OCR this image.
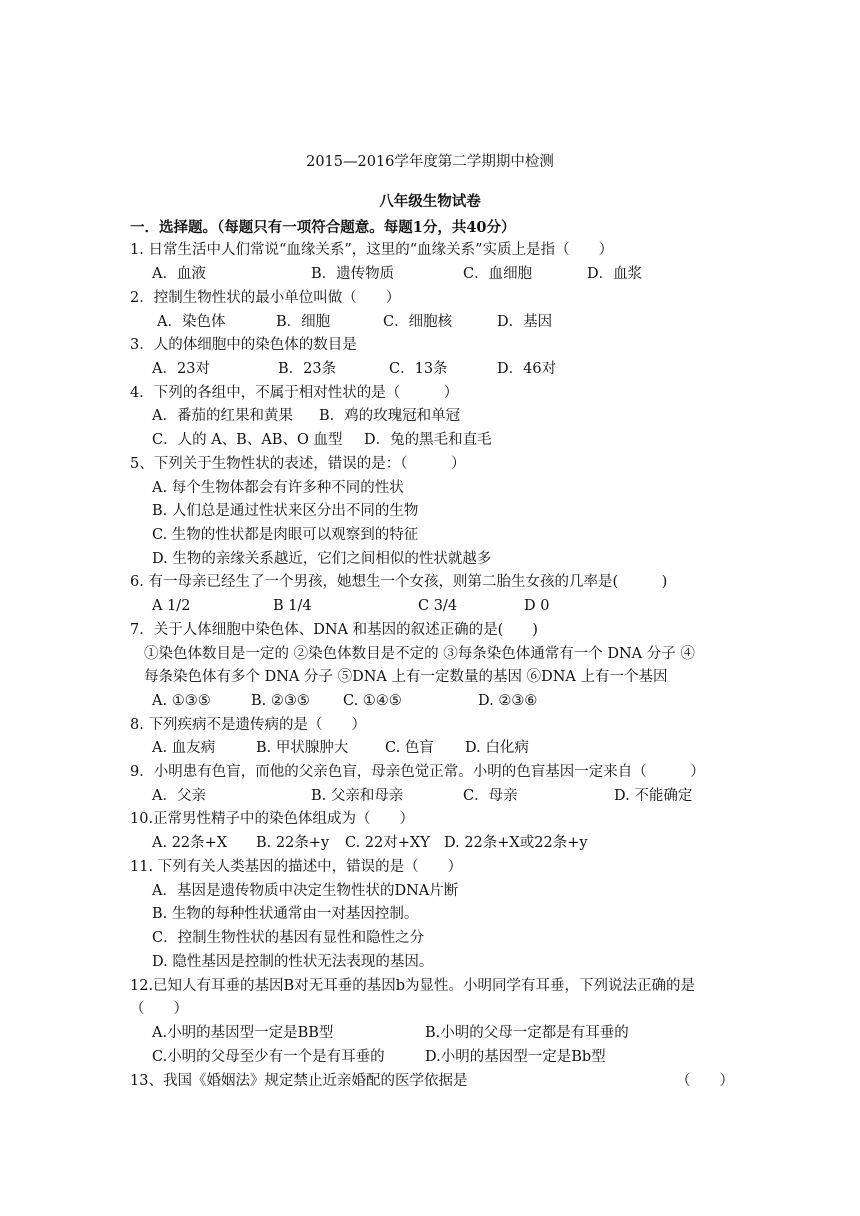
2015—2016学年度第二学期期中检测
八年级生物试卷
一．选择题。（每题只有一项符合题意。每题1分，共40分）
1. 日常生活中人们常说“血缘关系”，这里的“血缘关系”实质上是指（　　）
A．血液	B．遗传物质	C．血细胞	D．血浆
2．控制生物性状的最小单位叫做（　　）
A．染色体	B．细胞	C．细胞核	D．基因
3．人的体细胞中的染色体的数目是
A．23对	B．23条	C．13条	D．46对
4．下列的各组中，不属于相对性状的是（　　　）
A．番茄的红果和黄果 B．鸡的玫瑰冠和单冠
C．人的 A、B、AB、O 血型 D．兔的黑毛和直毛
5、下列关于生物性状的表述，错误的是：（　　　）
A. 每个生物体都会有许多种不同的性状
B. 人们总是通过性状来区分出不同的生物
C. 生物的性状都是肉眼可以观察到的特征
D. 生物的亲缘关系越近，它们之间相似的性状就越多
6. 有一母亲已经生了一个男孩，她想生一个女孩，则第二胎生女孩的几率是(　　　)
A 1/2	B 1/4	C 3/4	D 0
7．关于人体细胞中染色体、DNA 和基因的叙述正确的是(　　)
①染色体数目是一定的 ②染色体数目是不定的 ③每条染色体通常有一个 DNA 分子 ④
每条染色体有多个 DNA 分子 ⑤DNA 上有一定数量的基因 ⑥DNA 上有一个基因
A. ①③⑤	B. ②③⑤ C. ①④⑤	D. ②③⑥
8. 下列疾病不是遗传病的是（　　）
A. 血友病	B. 甲状腺肿大	C. 色盲 D. 白化病
9．小明患有色盲，而他的父亲色盲，母亲色觉正常。小明的色盲基因一定来自（　　　）
A．父亲	B. 父亲和母亲	C．母亲	D. 不能确定
10.正常男性精子中的染色体组成为（　　）
A. 22条+X B. 22条+y C. 22对+XY D. 22条+X或22条+y
11. 下列有关人类基因的描述中，错误的是（　　）
A．基因是遗传物质中决定生物性状的DNA片断
B. 生物的每种性状通常由一对基因控制。
C．控制生物性状的基因有显性和隐性之分
D. 隐性基因是控制的性状无法表现的基因。
12.已知人有耳垂的基因B对无耳垂的基因b为显性。小明同学有耳垂，下列说法正确的是
（　　）
A.小明的基因型一定是BB型	B.小明的父母一定都是有耳垂的
C.小明的父母至少有一个是有耳垂的	D.小明的基因型一定是Bb型
13、我国《婚姻法》规定禁止近亲婚配的医学依据是	（　　）
